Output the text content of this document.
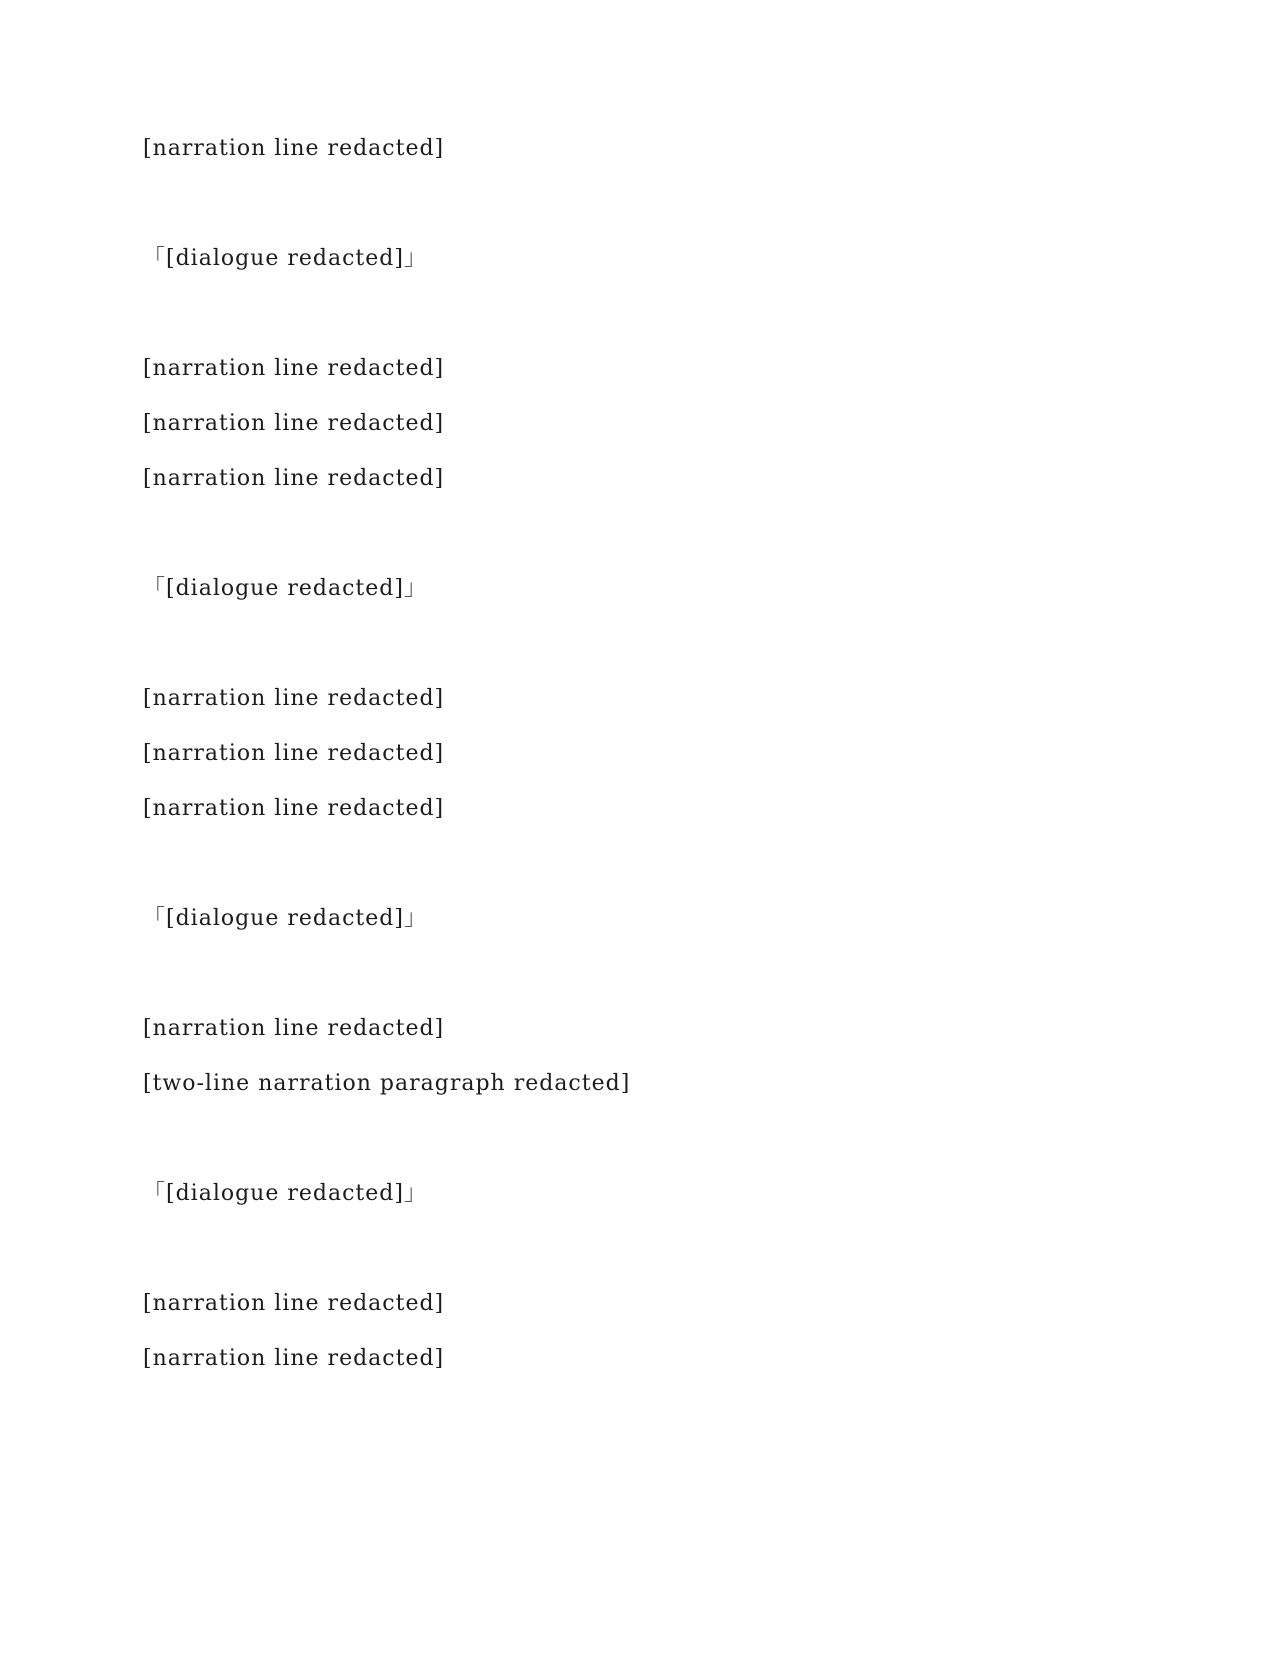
[narration line redacted]

「[dialogue redacted]」

[narration line redacted]

[narration line redacted]

[narration line redacted]

「[dialogue redacted]」

[narration line redacted]

[narration line redacted]

[narration line redacted]

「[dialogue redacted]」

[narration line redacted]

[two-line narration paragraph redacted]

「[dialogue redacted]」

[narration line redacted]

[narration line redacted]
